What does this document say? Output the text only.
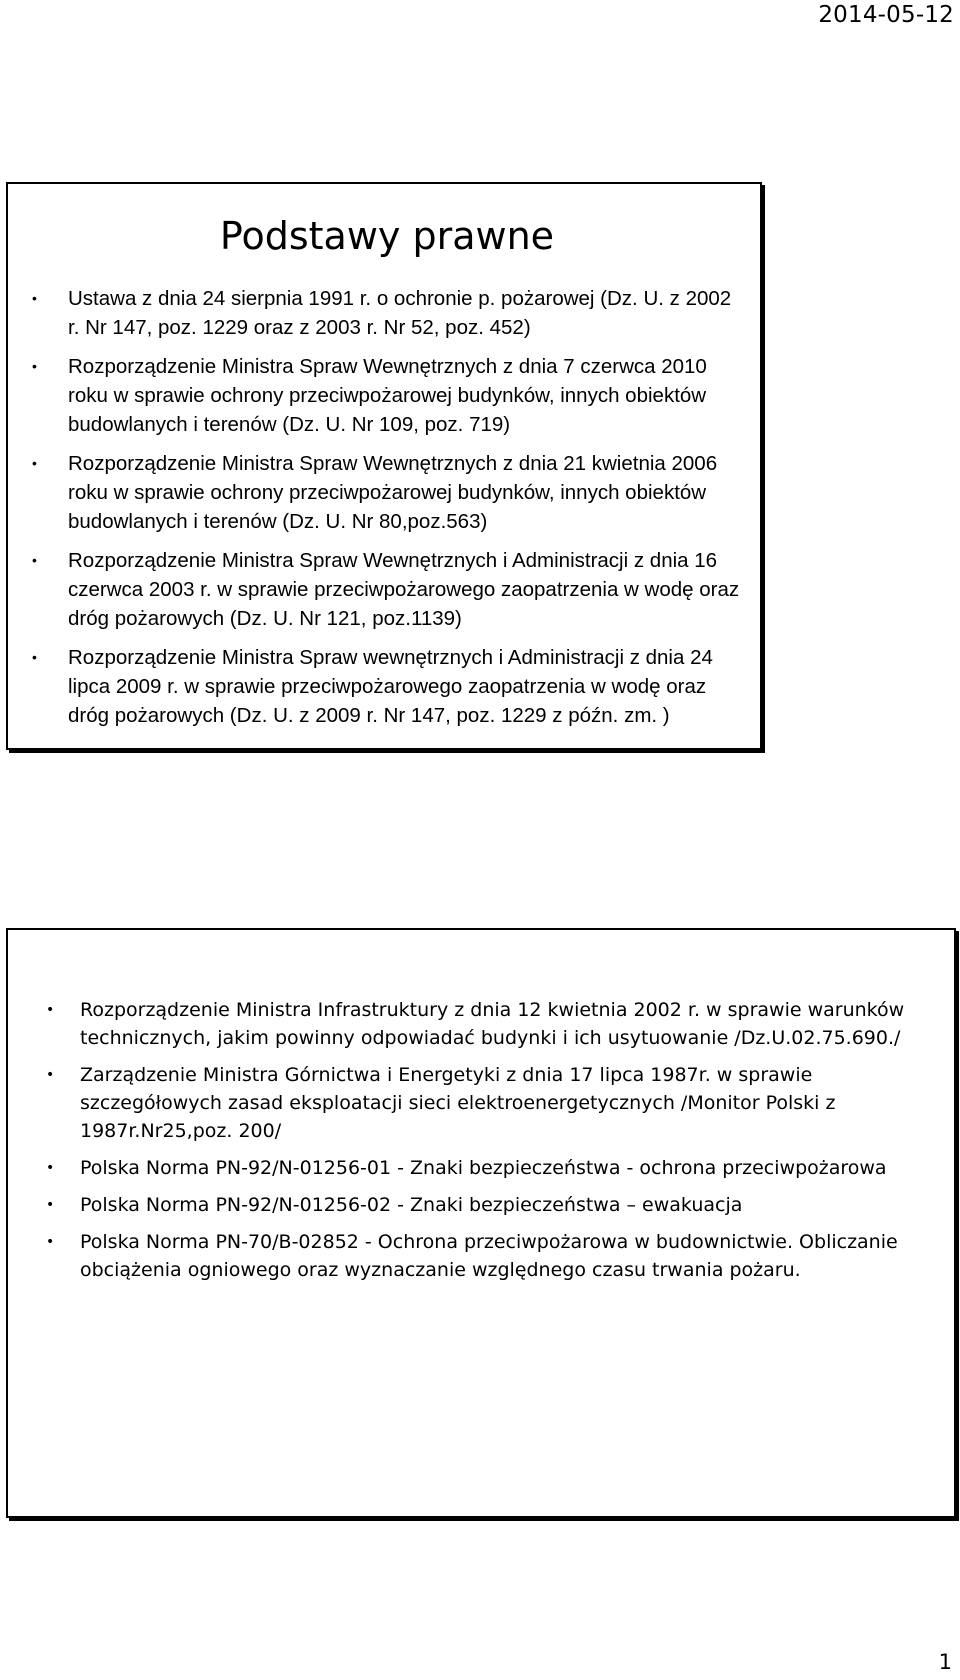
2014-05-12
Podstawy prawne
•	Ustawa z dnia 24 sierpnia 1991 r. o ochronie p. pożarowej (Dz. U. z 2002 r. Nr 147, poz. 1229 oraz z 2003 r. Nr 52, poz. 452)
•	Rozporządzenie Ministra Spraw Wewnętrznych z dnia 7 czerwca 2010 roku w sprawie ochrony przeciwpożarowej budynków, innych obiektów budowlanych i terenów (Dz. U. Nr 109, poz. 719)
•	Rozporządzenie Ministra Spraw Wewnętrznych z dnia 21 kwietnia 2006 roku w sprawie ochrony przeciwpożarowej budynków, innych obiektów budowlanych i terenów (Dz. U. Nr 80,poz.563)
•	Rozporządzenie Ministra Spraw Wewnętrznych i Administracji z dnia 16 czerwca 2003 r. w sprawie przeciwpożarowego zaopatrzenia w wodę oraz dróg pożarowych (Dz. U. Nr 121, poz.1139)
•	Rozporządzenie Ministra Spraw wewnętrznych i Administracji z dnia 24 lipca 2009 r. w sprawie przeciwpożarowego zaopatrzenia w wodę oraz dróg pożarowych (Dz. U. z 2009 r. Nr 147, poz. 1229 z późn. zm. )
•	Rozporządzenie Ministra Infrastruktury z dnia 12 kwietnia 2002 r. w sprawie warunków technicznych, jakim powinny odpowiadać budynki i ich usytuowanie /Dz.U.02.75.690./
•	Zarządzenie Ministra Górnictwa i Energetyki z dnia 17 lipca 1987r. w sprawie szczegółowych zasad eksploatacji sieci elektroenergetycznych /Monitor Polski z 1987r.Nr25,poz. 200/
•	Polska Norma PN-92/N-01256-01 - Znaki bezpieczeństwa - ochrona przeciwpożarowa
•	Polska Norma PN-92/N-01256-02 - Znaki bezpieczeństwa – ewakuacja
•	Polska Norma PN-70/B-02852 - Ochrona przeciwpożarowa w budownictwie. Obliczanie obciążenia ogniowego oraz wyznaczanie względnego czasu trwania pożaru.
1
